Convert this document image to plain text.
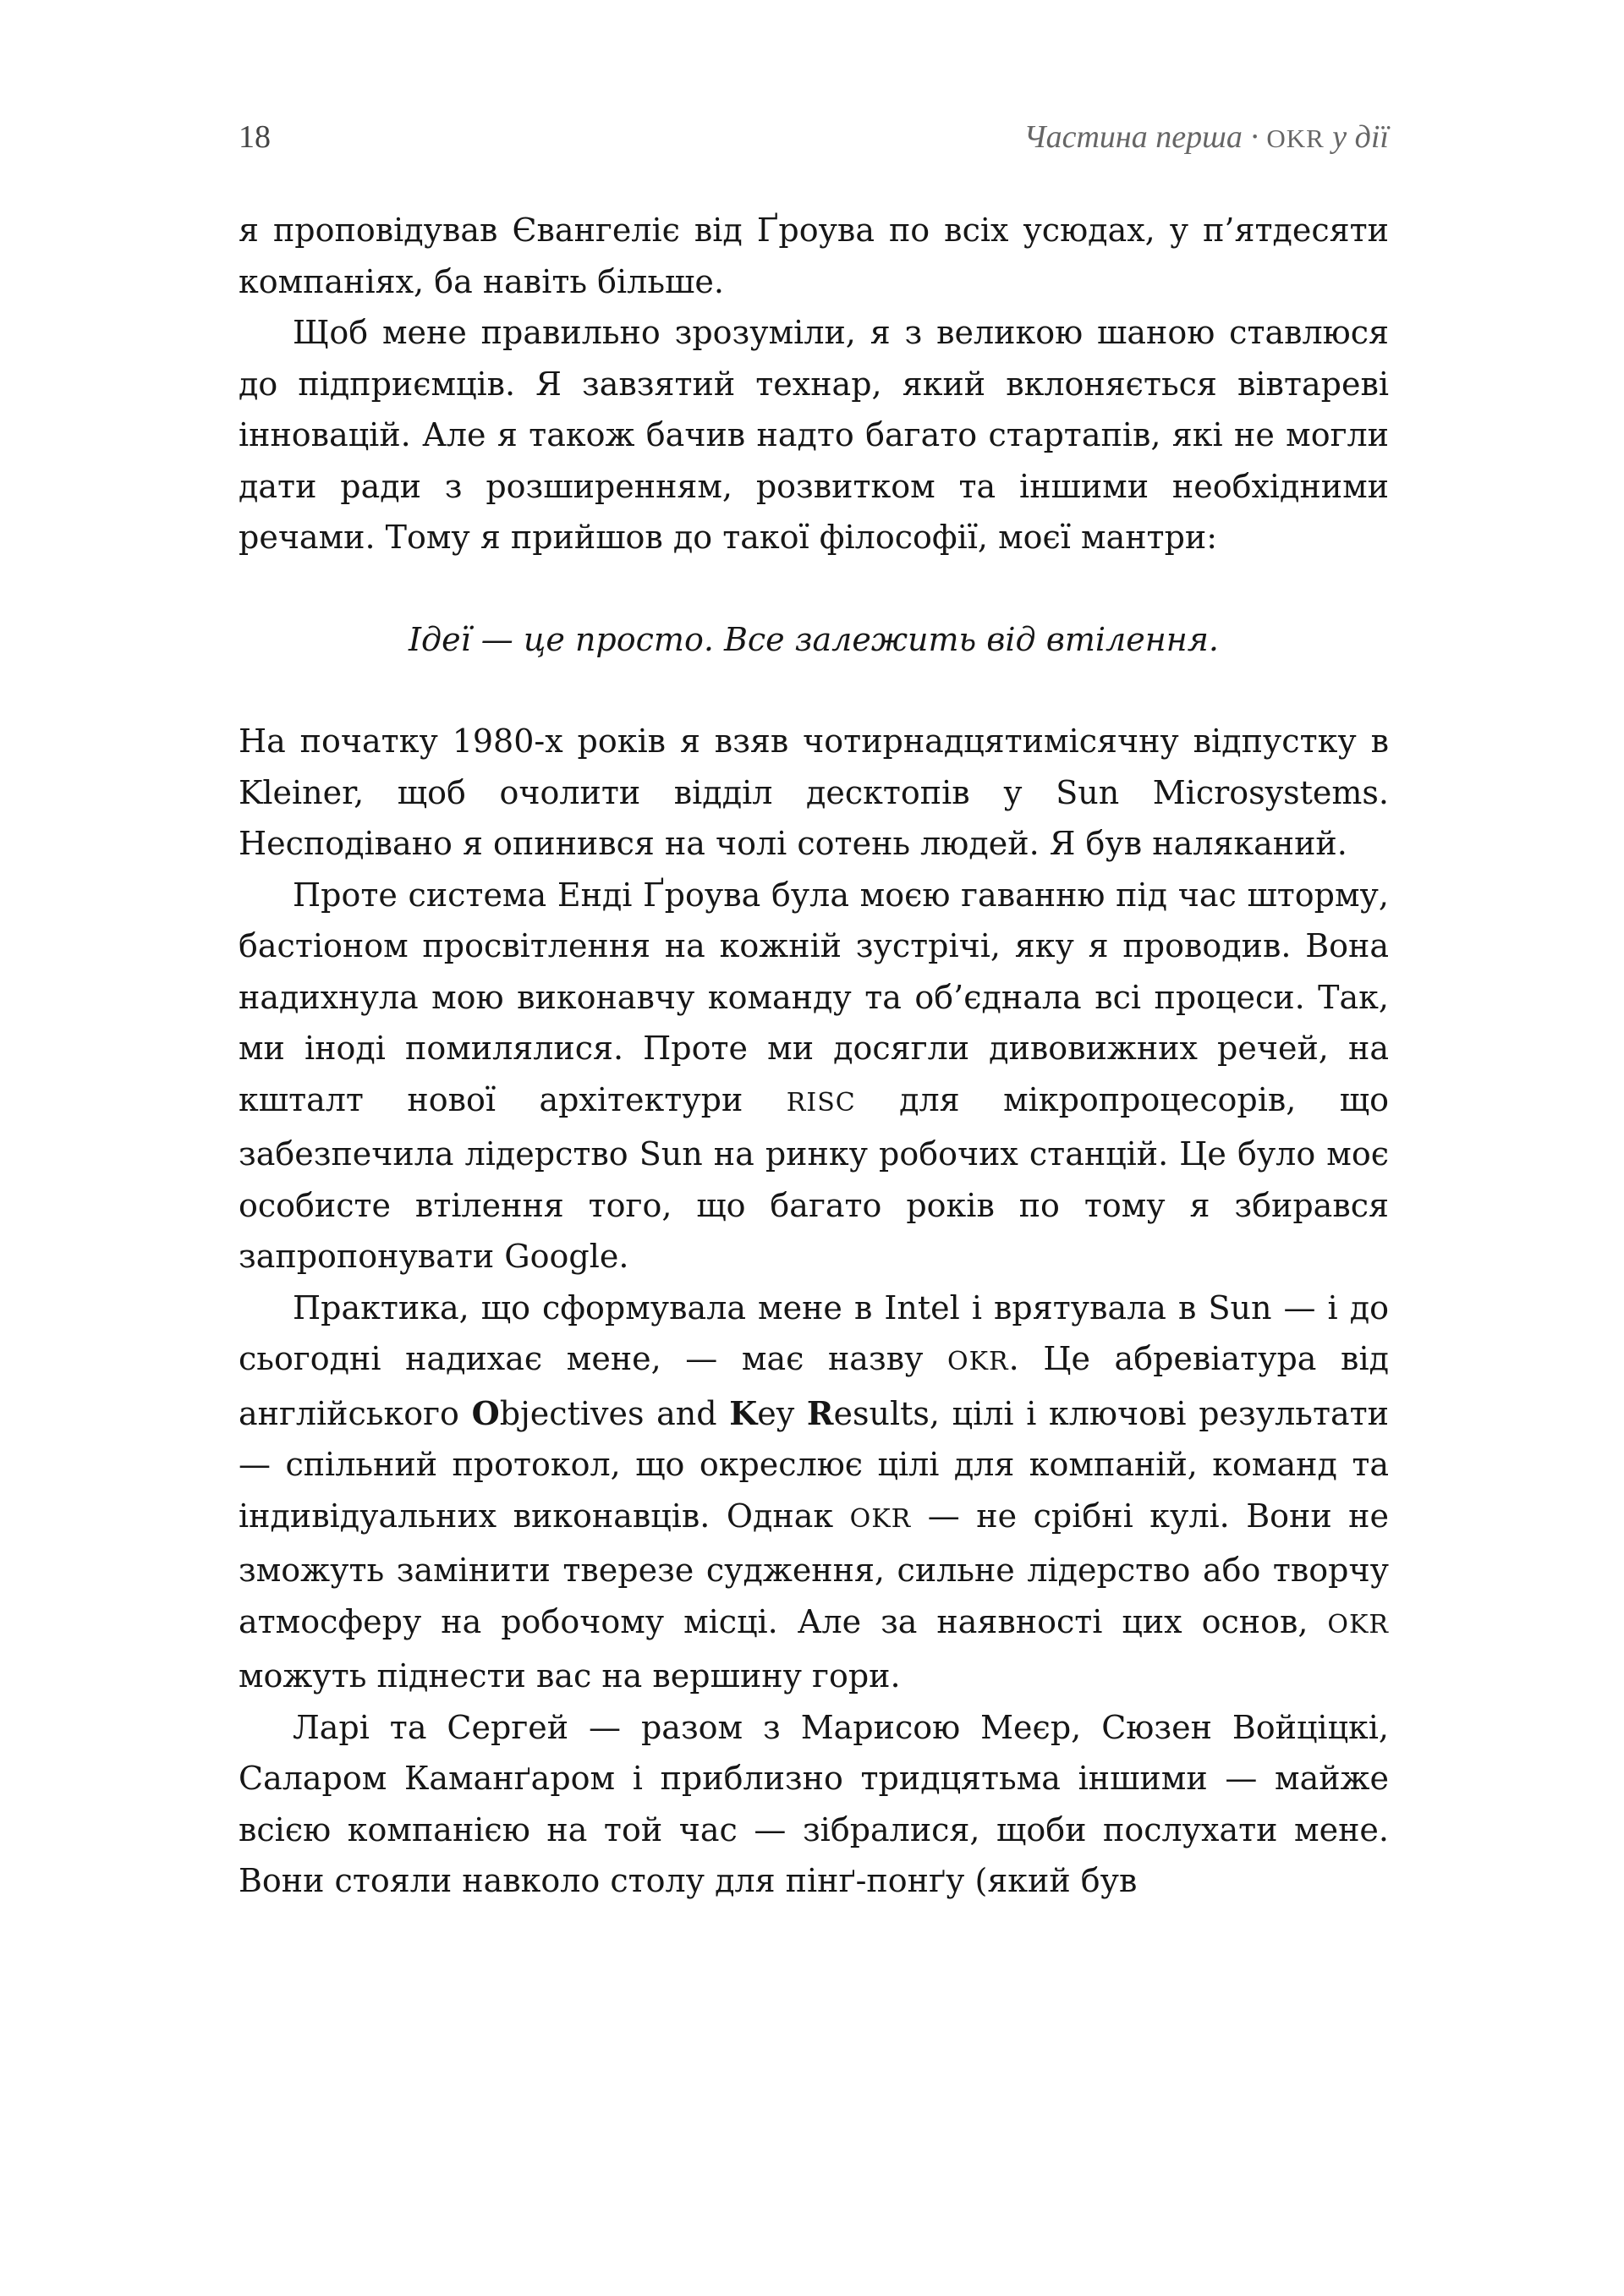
18	Частина перша · OKR у дії

я проповідував Євангеліє від Ґроува по всіх усюдах, у п’ятдесяти компаніях, ба навіть більше.

Щоб мене правильно зрозуміли, я з великою шаною ставлюся до підприємців. Я завзятий технар, який вклоняється вівтареві інновацій. Але я також бачив надто багато стартапів, які не могли дати ради з розширенням, розвитком та іншими необхідними речами. Тому я прийшов до такої філософії, моєї мантри:

Ідеї — це просто. Все залежить від втілення.

На початку 1980-х років я взяв чотирнадцятимісячну відпустку в Kleiner, щоб очолити відділ десктопів у Sun Microsystems. Несподівано я опинився на чолі сотень людей. Я був наляканий.

Проте система Енді Ґроува була моєю гаванню під час шторму, бастіоном просвітлення на кожній зустрічі, яку я проводив. Вона надихнула мою виконавчу команду та об’єднала всі процеси. Так, ми іноді помилялися. Проте ми досягли дивовижних речей, на кшталт нової архітектури RISC для мікропроцесорів, що забезпечила лідерство Sun на ринку робочих станцій. Це було моє особисте втілення того, що багато років по тому я збирався запропонувати Google.

Практика, що сформувала мене в Intel і врятувала в Sun — і до сьогодні надихає мене, — має назву OKR. Це абревіатура від англійського Objectives and Key Results, цілі і ключові результати — спільний протокол, що окреслює цілі для компаній, команд та індивідуальних виконавців. Однак OKR — не срібні кулі. Вони не зможуть замінити тверезе судження, сильне лідерство або творчу атмосферу на робочому місці. Але за наявності цих основ, OKR можуть піднести вас на вершину гори.

Ларі та Сергей — разом з Марисою Меєр, Сюзен Войціцкі, Саларом Каманґаром і приблизно тридцятьма іншими — майже всією компанією на той час — зібралися, щоби послухати мене. Вони стояли навколо столу для пінґ-понґу (який був
